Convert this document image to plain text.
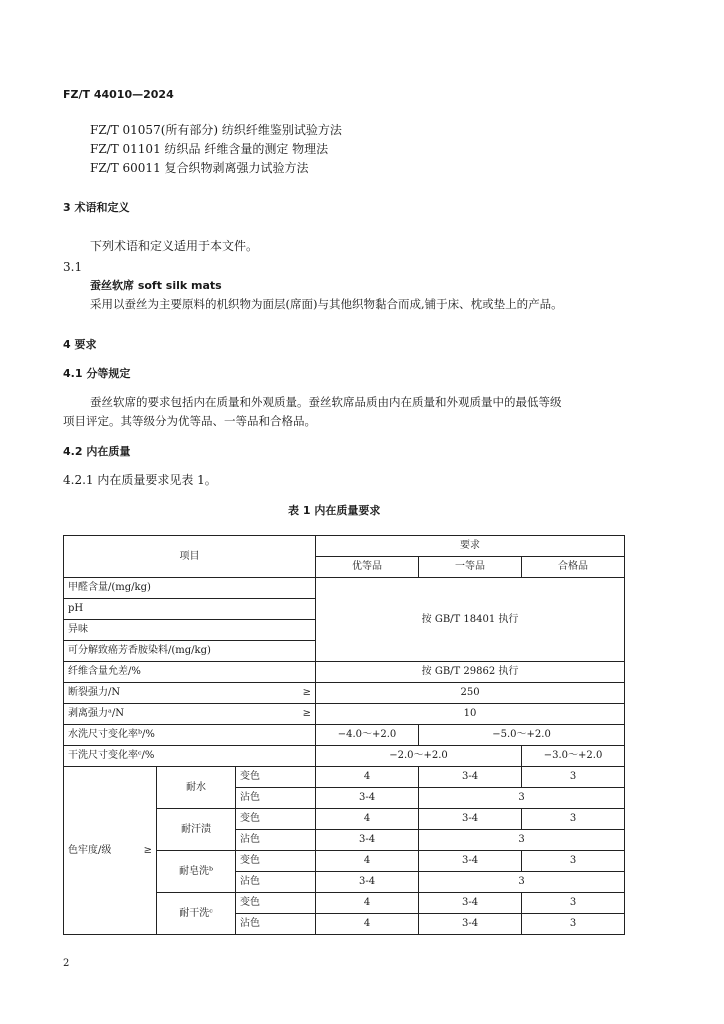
FZ/T 44010—2024
FZ/T 01057(所有部分) 纺织纤维鉴别试验方法
FZ/T 01101 纺织品 纤维含量的测定 物理法
FZ/T 60011 复合织物剥离强力试验方法
3 术语和定义
下列术语和定义适用于本文件。
3.1
蚕丝软席 soft silk mats
采用以蚕丝为主要原料的机织物为面层(席面)与其他织物黏合而成,铺于床、枕或垫上的产品。
4 要求
4.1 分等规定
蚕丝软席的要求包括内在质量和外观质量。蚕丝软席品质由内在质量和外观质量中的最低等级
项目评定。其等级分为优等品、一等品和合格品。
4.2 内在质量
4.2.1 内在质量要求见表 1。
表 1 内在质量要求
项目			要求		
			优等品	一等品	合格品
甲醛含量/(mg/kg)			按 GB/T 18401 执行		
pH					
异味					
可分解致癌芳香胺染料/(mg/kg)					
纤维含量允差/%			按 GB/T 29862 执行		
断裂强力/N ≥			250		
剥离强力ᵃ/N ≥			10		
水洗尺寸变化率ᵇ/%			−4.0～+2.0	−5.0～+2.0	
干洗尺寸变化率ᶜ/%			−2.0～+2.0		−3.0～+2.0
色牢度/级 ≥	耐水	变色	4	3-4	3
		沾色	3-4	3	
	耐汗渍	变色	4	3-4	3
		沾色	3-4	3	
	耐皂洗ᵇ	变色	4	3-4	3
		沾色	3-4	3	
	耐干洗ᶜ	变色	4	3-4	3
		沾色	4	3-4	3
2
